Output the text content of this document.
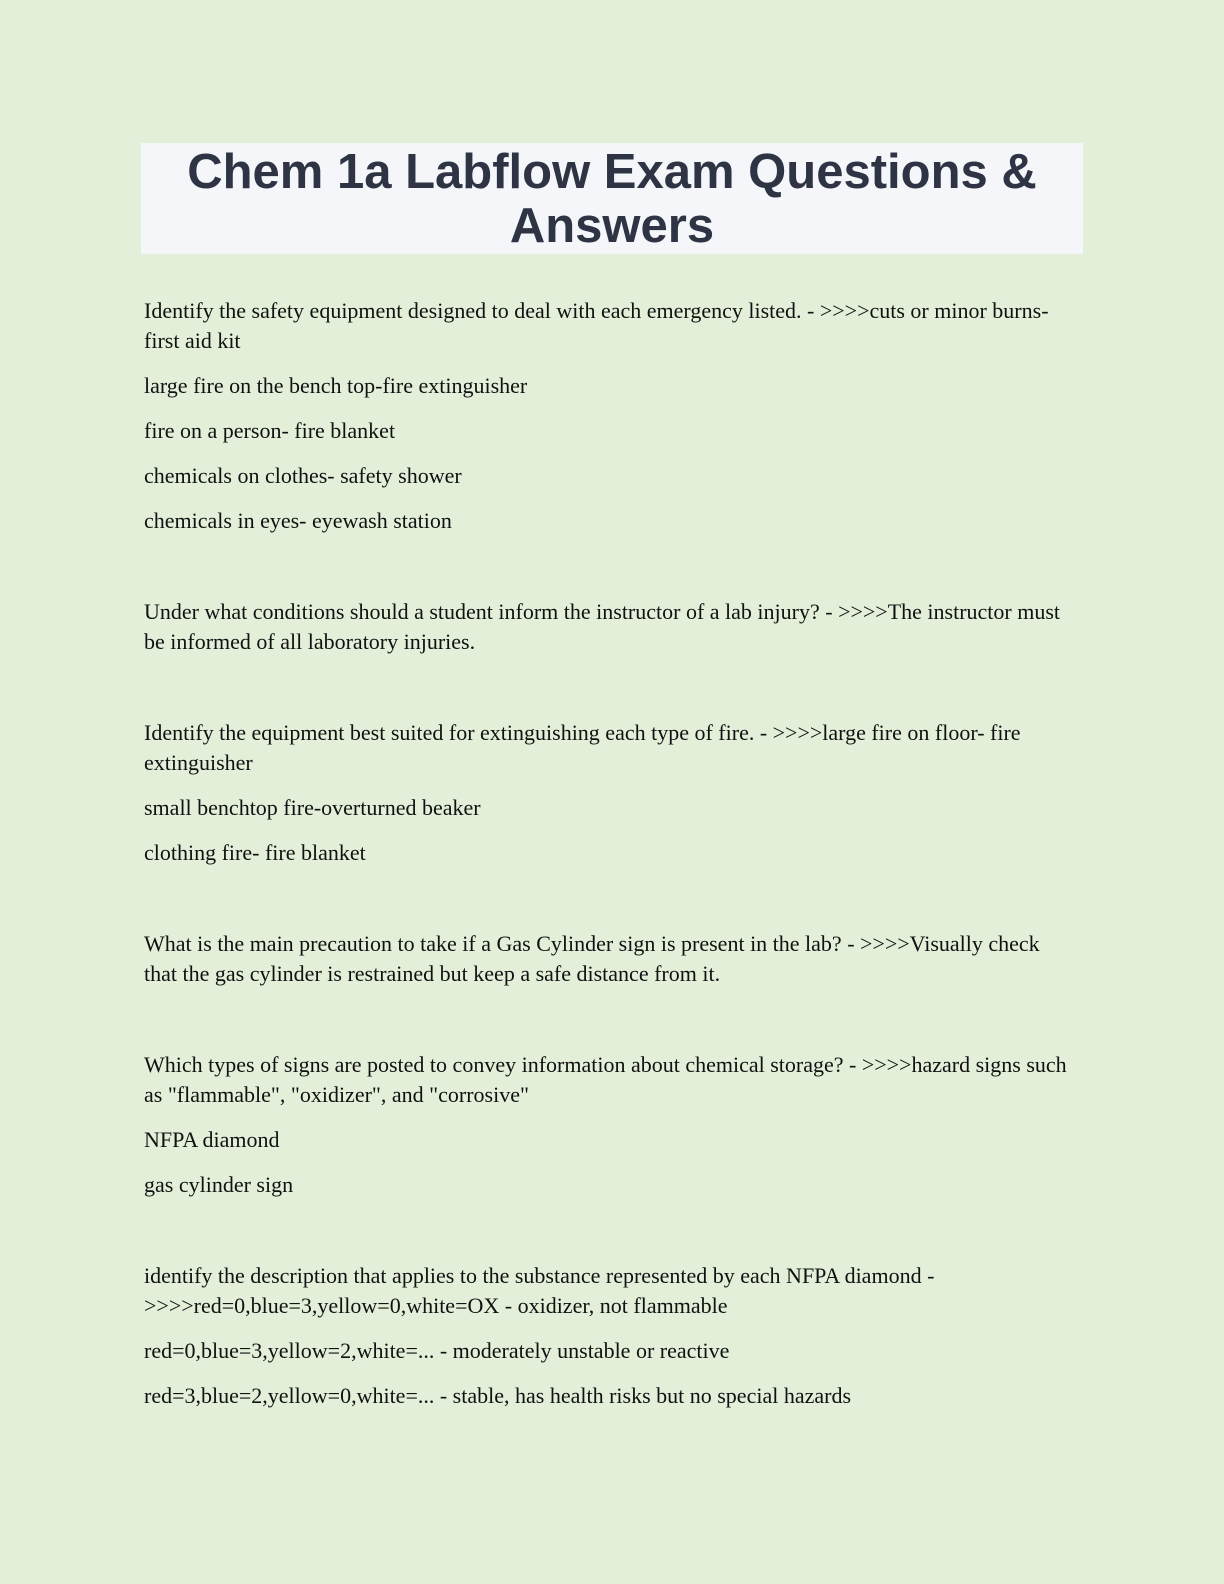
Chem 1a Labflow Exam Questions & Answers

Identify the safety equipment designed to deal with each emergency listed. - >>>>cuts or minor burns- first aid kit

large fire on the bench top-fire extinguisher

fire on a person- fire blanket

chemicals on clothes- safety shower

chemicals in eyes- eyewash station

Under what conditions should a student inform the instructor of a lab injury? - >>>>The instructor must be informed of all laboratory injuries.

Identify the equipment best suited for extinguishing each type of fire. - >>>>large fire on floor- fire extinguisher

small benchtop fire-overturned beaker

clothing fire- fire blanket

What is the main precaution to take if a Gas Cylinder sign is present in the lab? - >>>>Visually check that the gas cylinder is restrained but keep a safe distance from it.

Which types of signs are posted to convey information about chemical storage? - >>>>hazard signs such as "flammable", "oxidizer", and "corrosive"

NFPA diamond

gas cylinder sign

identify the description that applies to the substance represented by each NFPA diamond - >>>>red=0,blue=3,yellow=0,white=OX - oxidizer, not flammable

red=0,blue=3,yellow=2,white=... - moderately unstable or reactive

red=3,blue=2,yellow=0,white=... - stable, has health risks but no special hazards
